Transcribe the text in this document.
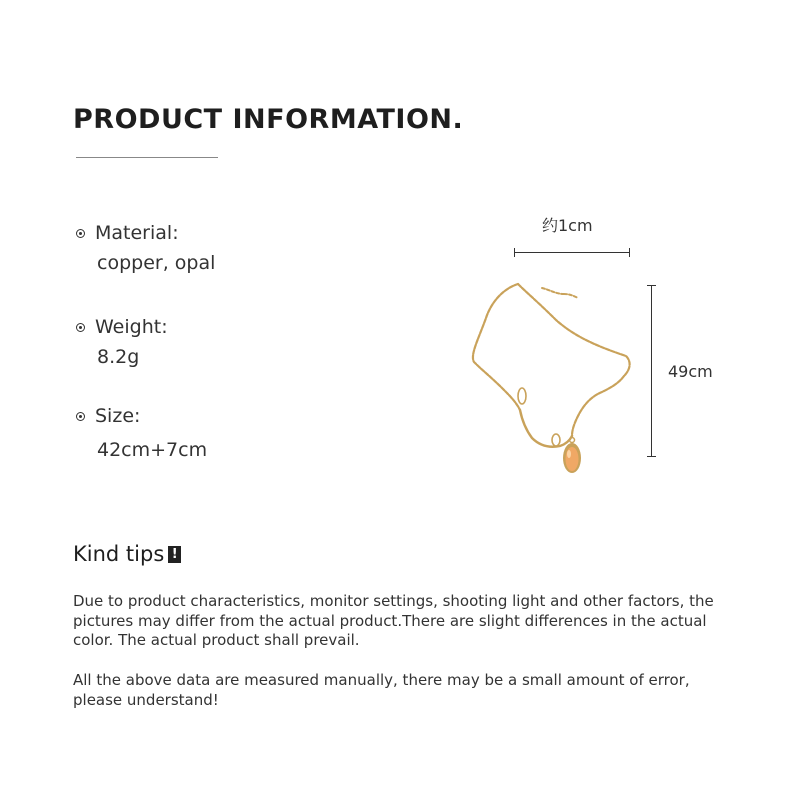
PRODUCT INFORMATION.
Material:
copper, opal
Weight:
8.2g
Size:
42cm+7cm
约1cm
49cm
Kind tips !

Due to product characteristics, monitor settings, shooting light and other factors, the pictures may differ from the actual product.There are slight differences in the actual color. The actual product shall prevail.

All the above data are measured manually, there may be a small amount of error, please understand!
